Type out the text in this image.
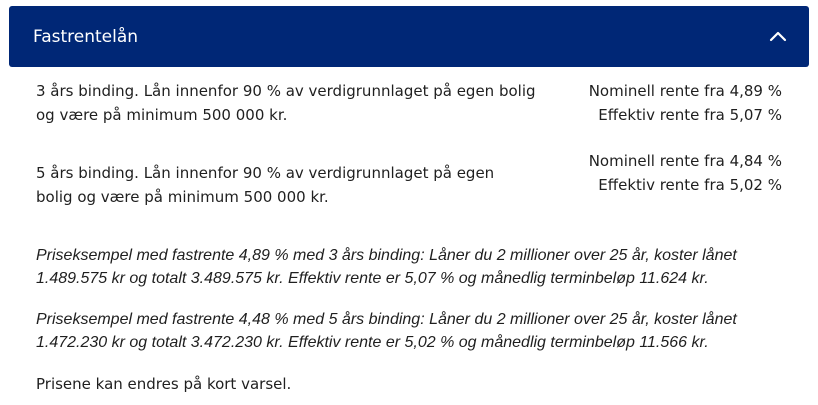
Fastrentelån
3 års binding. Lån innenfor 90 % av verdigrunnlaget på egen bolig
og være på minimum 500 000 kr.
Nominell rente fra 4,89 %
Effektiv rente fra 5,07 %
5 års binding. Lån innenfor 90 % av verdigrunnlaget på egen
bolig og være på minimum 500 000 kr.
Nominell rente fra 4,84 %
Effektiv rente fra 5,02 %
Priseksempel med fastrente 4,89 % med 3 års binding: Låner du 2 millioner over 25 år, koster lånet
1.489.575 kr og totalt 3.489.575 kr. Effektiv rente er 5,07 % og månedlig terminbeløp 11.624 kr.
Priseksempel med fastrente 4,48 % med 5 års binding: Låner du 2 millioner over 25 år, koster lånet
1.472.230 kr og totalt 3.472.230 kr. Effektiv rente er 5,02 % og månedlig terminbeløp 11.566 kr.
Prisene kan endres på kort varsel.
